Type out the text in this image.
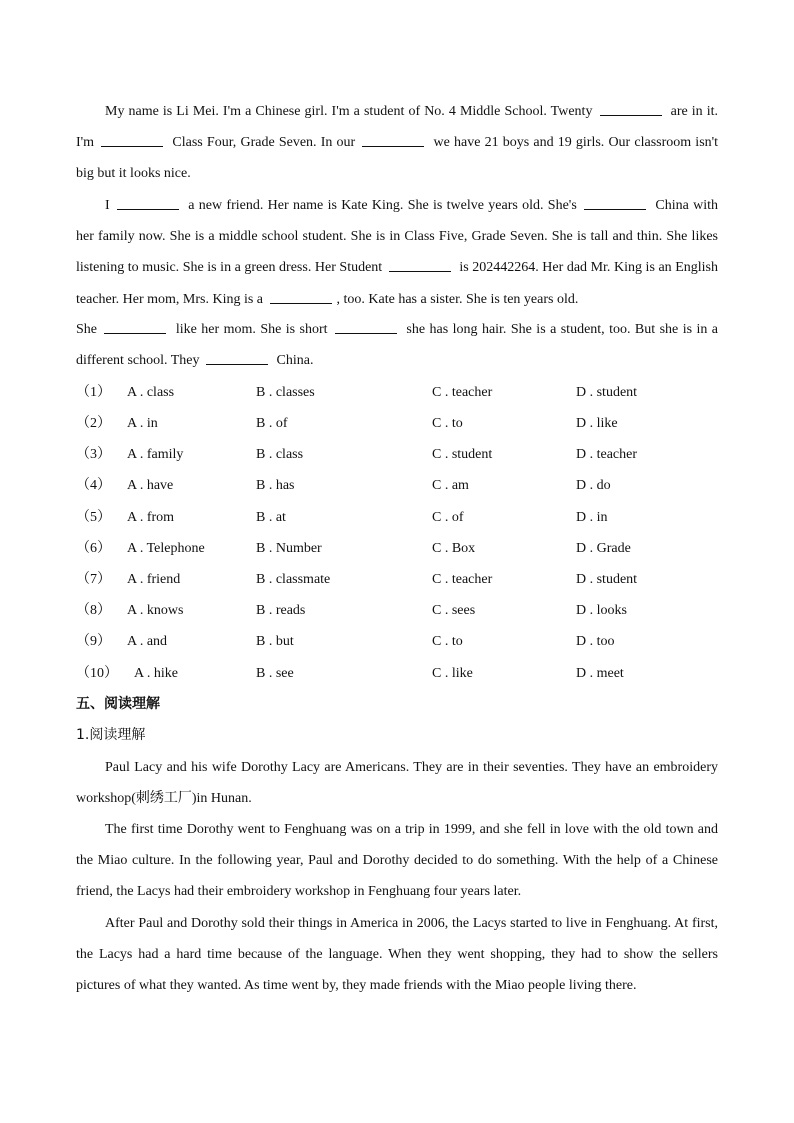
My name is Li Mei. I'm a Chinese girl. I'm a student of No. 4 Middle School. Twenty	are in it. I'm	Class Four, Grade Seven. In our	we have 21 boys and 19 girls. Our classroom isn't big but it looks nice.
I	a new friend. Her name is Kate King. She is twelve years old. She's	China with her family now. She is a middle school student. She is in Class Five, Grade Seven. She is tall and thin. She likes listening to music. She is in a green dress. Her Student	is 202442264. Her dad Mr. King is an English teacher. Her mom, Mrs. King is a	, too. Kate has a sister. She is ten years old.
She	like her mom. She is short	she has long hair. She is a student, too. But she is in a different school. They	China.
（1） A . class	B . classes	C . teacher	D . student
（2） A . in	B . of	C . to	D . like
（3） A . family	B . class	C . student	D . teacher
（4） A . have	B . has	C . am	D . do
（5） A . from	B . at	C . of	D . in
（6） A . Telephone	B . Number	C . Box	D . Grade
（7） A . friend	B . classmate	C . teacher	D . student
（8） A . knows	B . reads	C . sees	D . looks
（9） A . and	B . but	C . to	D . too
（10） A . hike	B . see	C . like	D . meet
五、阅读理解
1.阅读理解
Paul Lacy and his wife Dorothy Lacy are Americans. They are in their seventies. They have an embroidery workshop(刺绣工厂)in Hunan.
The first time Dorothy went to Fenghuang was on a trip in 1999, and she fell in love with the old town and the Miao culture. In the following year, Paul and Dorothy decided to do something. With the help of a Chinese friend, the Lacys had their embroidery workshop in Fenghuang four years later.
After Paul and Dorothy sold their things in America in 2006, the Lacys started to live in Fenghuang. At first, the Lacys had a hard time because of the language. When they went shopping, they had to show the sellers pictures of what they wanted. As time went by, they made friends with the Miao people living there.
